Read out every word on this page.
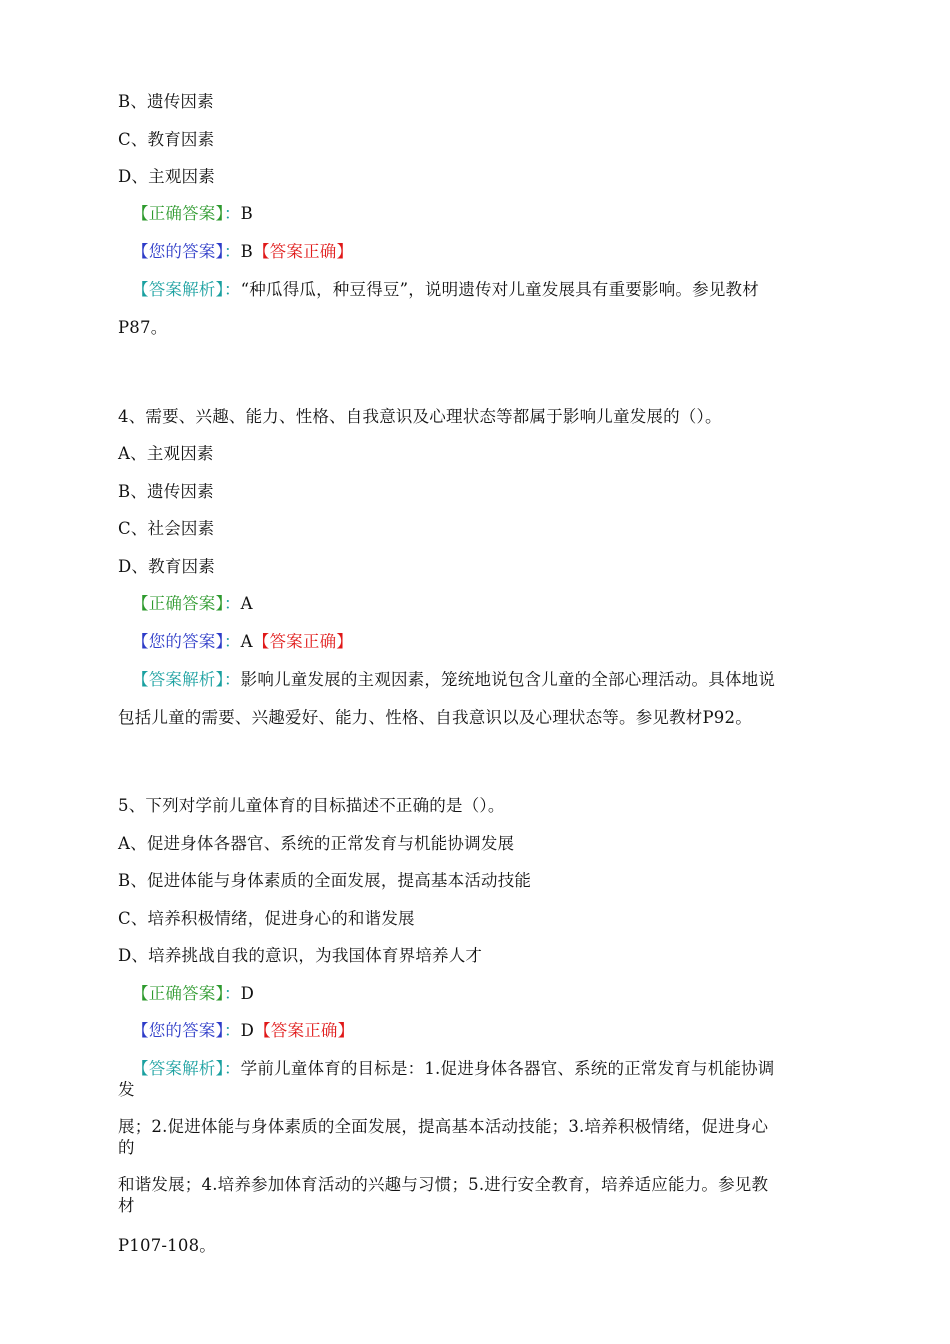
B、遗传因素
C、教育因素
D、主观因素
【正确答案】：B
【您的答案】：B【答案正确】
【答案解析】：“种瓜得瓜，种豆得豆”，说明遗传对儿童发展具有重要影响。参见教材
P87。
4、需要、兴趣、能力、性格、自我意识及心理状态等都属于影响儿童发展的（）。
A、主观因素
B、遗传因素
C、社会因素
D、教育因素
【正确答案】：A
【您的答案】：A【答案正确】
【答案解析】：影响儿童发展的主观因素，笼统地说包含儿童的全部心理活动。具体地说
包括儿童的需要、兴趣爱好、能力、性格、自我意识以及心理状态等。参见教材P92。
5、下列对学前儿童体育的目标描述不正确的是（）。
A、促进身体各器官、系统的正常发育与机能协调发展
B、促进体能与身体素质的全面发展，提高基本活动技能
C、培养积极情绪，促进身心的和谐发展
D、培养挑战自我的意识，为我国体育界培养人才
【正确答案】：D
【您的答案】：D【答案正确】
【答案解析】：学前儿童体育的目标是：1.促进身体各器官、系统的正常发育与机能协调
发
展；2.促进体能与身体素质的全面发展，提高基本活动技能；3.培养积极情绪，促进身心
的
和谐发展；4.培养参加体育活动的兴趣与习惯；5.进行安全教育，培养适应能力。参见教
材
P107-108。
